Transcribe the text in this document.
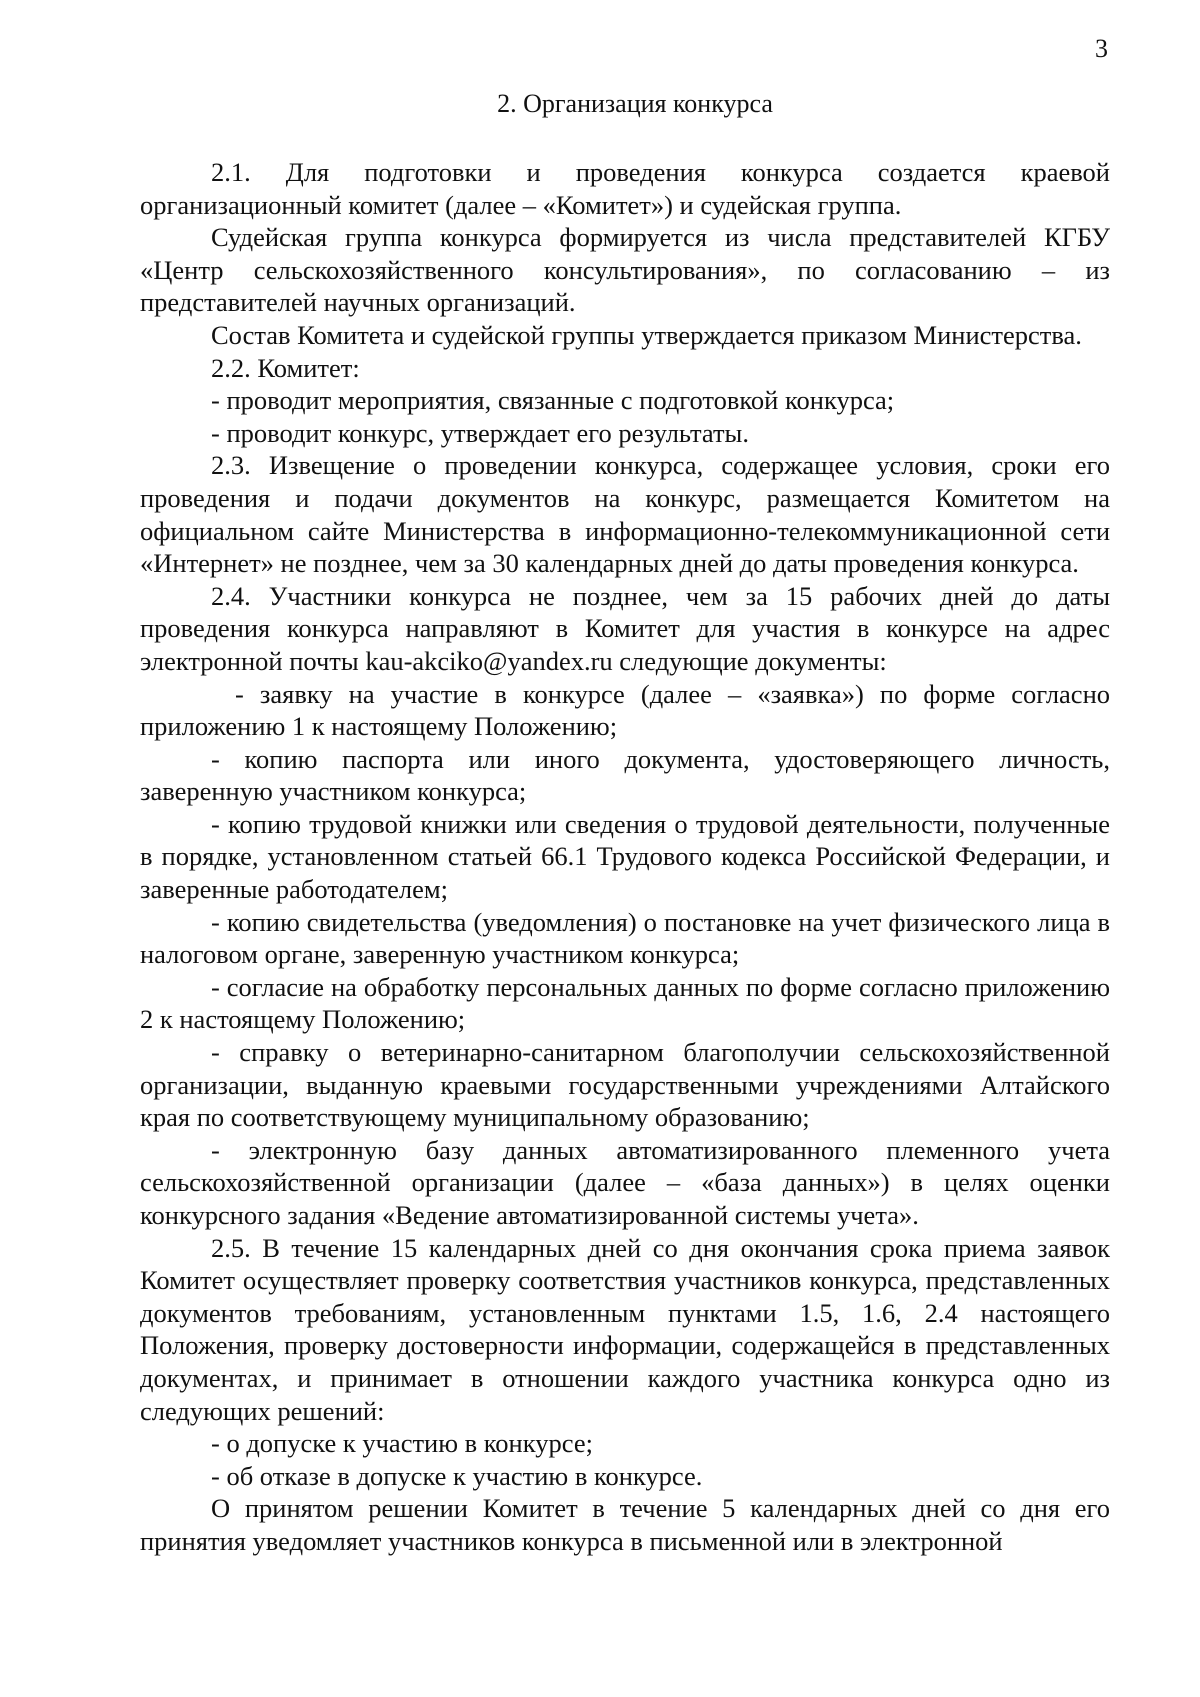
3
2. Организация конкурса

2.1. Для подготовки и проведения конкурса создается краевой организационный комитет (далее – «Комитет») и судейская группа.

Судейская группа конкурса формируется из числа представителей КГБУ «Центр сельскохозяйственного консультирования», по согласованию – из представителей научных организаций.

Состав Комитета и судейской группы утверждается приказом Министерства.

2.2. Комитет:

- проводит мероприятия, связанные с подготовкой конкурса;

- проводит конкурс, утверждает его результаты.

2.3. Извещение о проведении конкурса, содержащее условия, сроки его проведения и подачи документов на конкурс, размещается Комитетом на официальном сайте Министерства в информационно-телекоммуникационной сети «Интернет» не позднее, чем за 30 календарных дней до даты проведения конкурса.

2.4. Участники конкурса не позднее, чем за 15 рабочих дней до даты проведения конкурса направляют в Комитет для участия в конкурсе на адрес электронной почты kau-akciko@yandex.ru следующие документы:

- заявку на участие в конкурсе (далее – «заявка») по форме согласно приложению 1 к настоящему Положению;

- копию паспорта или иного документа, удостоверяющего личность, заверенную участником конкурса;

- копию трудовой книжки или сведения о трудовой деятельности, полученные в порядке, установленном статьей 66.1 Трудового кодекса Российской Федерации, и заверенные работодателем;

- копию свидетельства (уведомления) о постановке на учет физического лица в налоговом органе, заверенную участником конкурса;

- согласие на обработку персональных данных по форме согласно приложению 2 к настоящему Положению;

- справку о ветеринарно-санитарном благополучии сельскохозяйственной организации, выданную краевыми государственными учреждениями Алтайского края по соответствующему муниципальному образованию;

- электронную базу данных автоматизированного племенного учета сельскохозяйственной организации (далее – «база данных») в целях оценки конкурсного задания «Ведение автоматизированной системы учета».

2.5. В течение 15 календарных дней со дня окончания срока приема заявок Комитет осуществляет проверку соответствия участников конкурса, представленных документов требованиям, установленным пунктами 1.5, 1.6, 2.4 настоящего Положения, проверку достоверности информации, содержащейся в представленных документах, и принимает в отношении каждого участника конкурса одно из следующих решений:

- о допуске к участию в конкурсе;

- об отказе в допуске к участию в конкурсе.

О принятом решении Комитет в течение 5 календарных дней со дня его принятия уведомляет участников конкурса в письменной или в электронной
